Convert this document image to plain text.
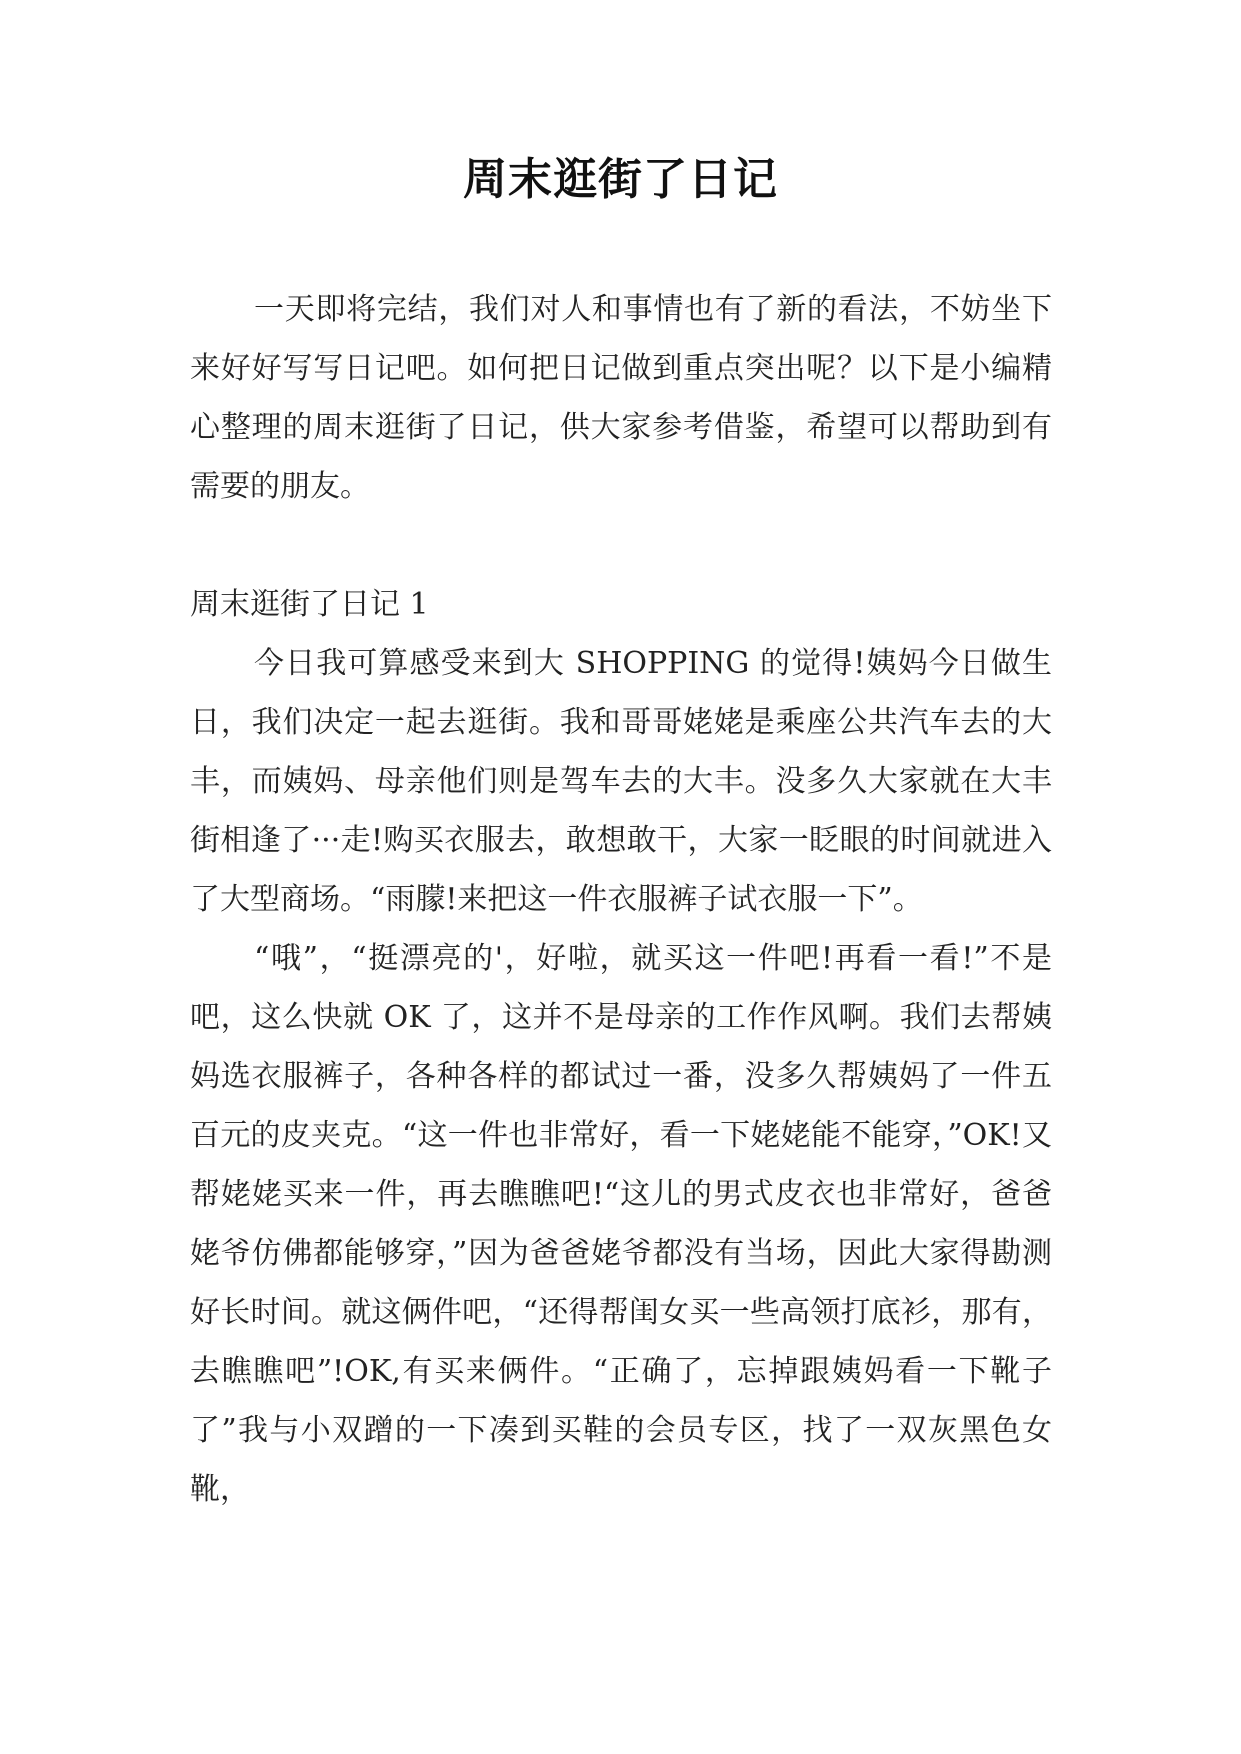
周末逛街了日记

一天即将完结，我们对人和事情也有了新的看法，不妨坐下来好好写写日记吧。如何把日记做到重点突出呢？以下是小编精心整理的周末逛街了日记，供大家参考借鉴，希望可以帮助到有需要的朋友。

周末逛街了日记 1

今日我可算感受来到大 SHOPPING 的觉得!姨妈今日做生日，我们决定一起去逛街。我和哥哥姥姥是乘座公共汽车去的大丰，而姨妈、母亲他们则是驾车去的大丰。没多久大家就在大丰街相逢了···走!购买衣服去，敢想敢干，大家一眨眼的时间就进入了大型商场。“雨朦!来把这一件衣服裤子试衣服一下”。

“哦”，“挺漂亮的'，好啦，就买这一件吧!再看一看!”不是吧，这么快就 OK 了，这并不是母亲的工作作风啊。我们去帮姨妈选衣服裤子，各种各样的都试过一番，没多久帮姨妈了一件五百元的皮夹克。“这一件也非常好，看一下姥姥能不能穿，”OK!又帮姥姥买来一件，再去瞧瞧吧!“这儿的男式皮衣也非常好，爸爸姥爷仿佛都能够穿，”因为爸爸姥爷都没有当场，因此大家得勘测好长时间。就这俩件吧，“还得帮闺女买一些高领打底衫，那有，去瞧瞧吧”!OK,有买来俩件。“正确了，忘掉跟姨妈看一下靴子了”我与小双蹭的一下凑到买鞋的会员专区，找了一双灰黑色女靴，
